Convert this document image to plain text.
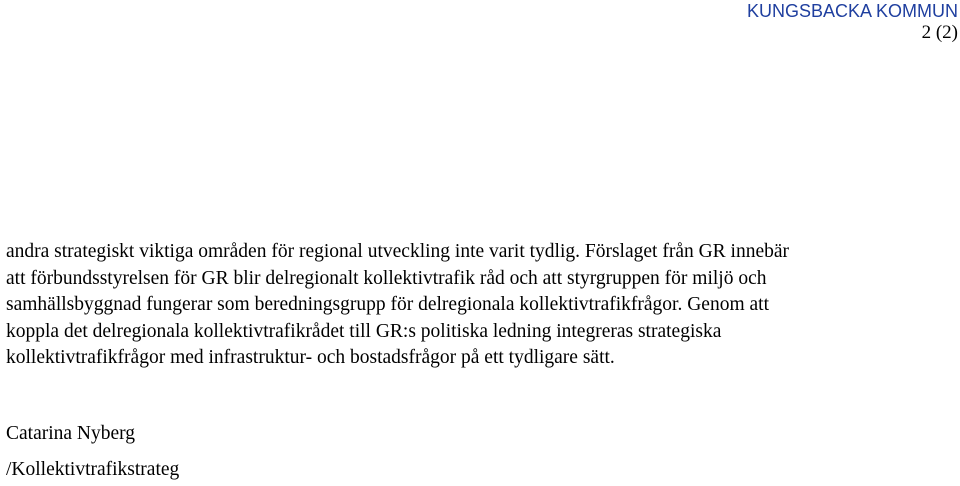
KUNGSBACKA KOMMUN
2 (2)

andra strategiskt viktiga områden för regional utveckling inte varit tydlig. Förslaget från GR innebär
att förbundsstyrelsen för GR blir delregionalt kollektivtrafik råd och att styrgruppen för miljö och
samhällsbyggnad fungerar som beredningsgrupp för delregionala kollektivtrafikfrågor. Genom att
koppla det delregionala kollektivtrafikrådet till GR:s politiska ledning integreras strategiska
kollektivtrafikfrågor med infrastruktur- och bostadsfrågor på ett tydligare sätt.

Catarina Nyberg
/Kollektivtrafikstrateg
